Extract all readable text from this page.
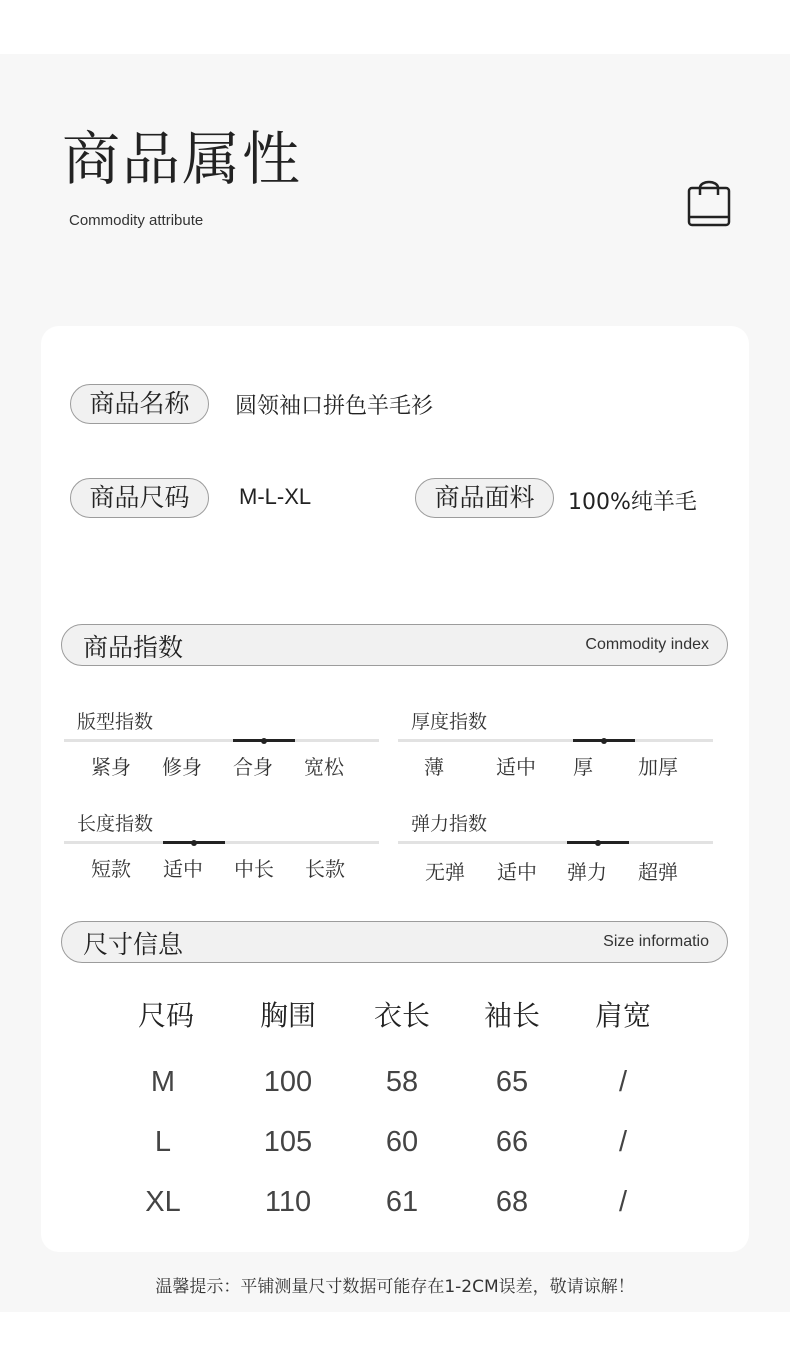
商品属性
Commodity attribute
商品名称	圆领袖口拼色羊毛衫
商品尺码	M-L-XL	商品面料	100%纯羊毛
商品指数	Commodity index
版型指数
紧身 修身 合身 宽松
厚度指数
薄	适中 厚 加厚
长度指数
短款 适中 中长 长款
弹力指数
无弹 适中 弹力 超弹
尺寸信息	Size informatio
尺码	胸围	衣长	袖长	肩宽
M	100	58	65	/
L	105	60	66	/
XL	110	61	68	/
温馨提示：平铺测量尺寸数据可能存在1-2CM误差，敬请谅解！
